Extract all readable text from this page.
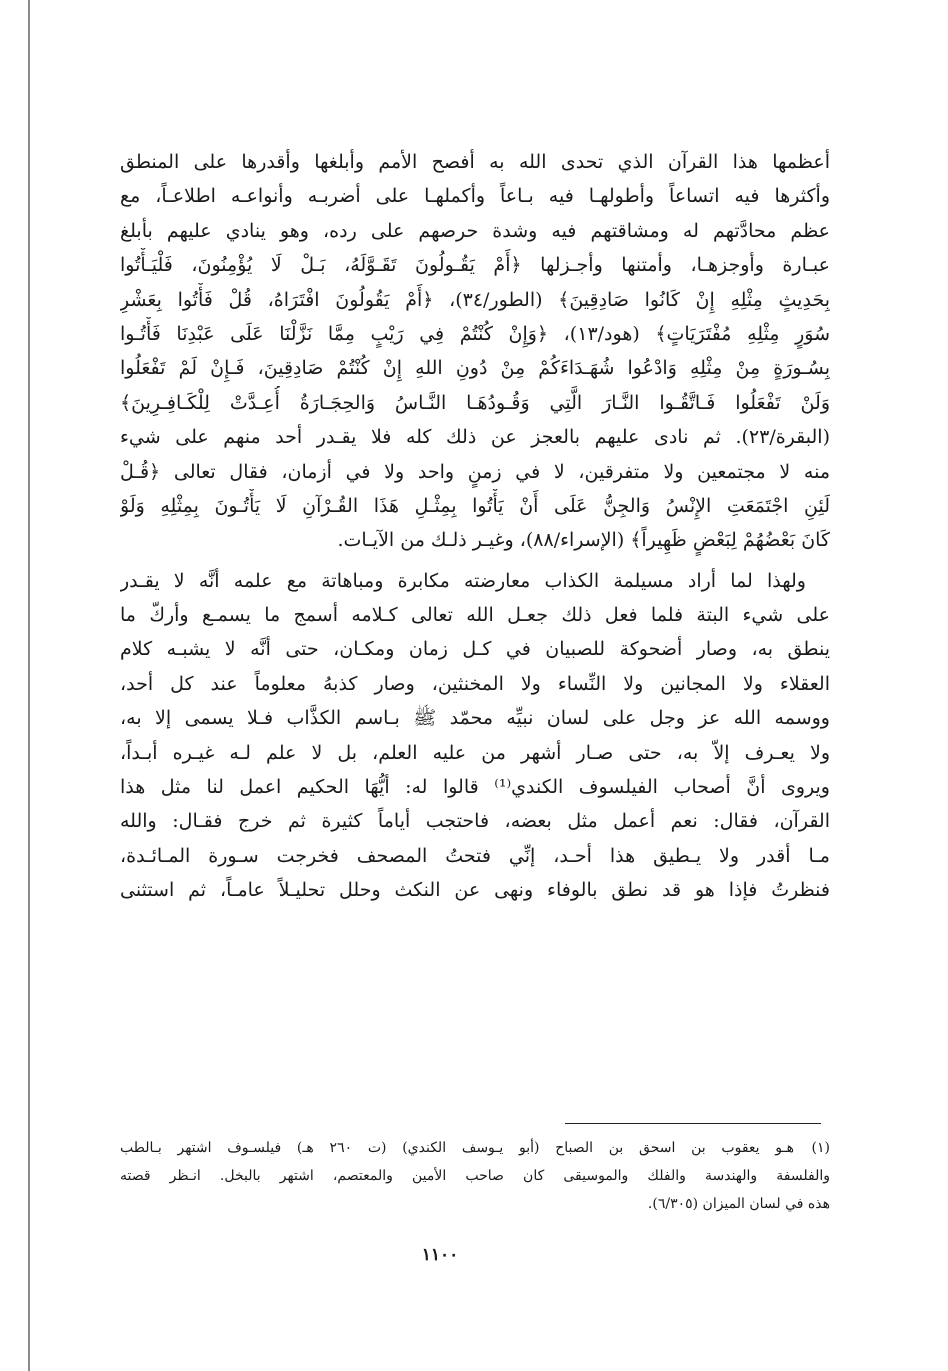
أعظمها هذا القرآن الذي تحدى الله به أفصح الأمم وأبلغها وأقدرها على المنطق
وأكثرها فيه اتساعاً وأطولهـا فيه بـاعاً وأكملهـا على أضربـه وأنواعـه اطلاعـاً، مع
عظم محادَّتهم له ومشاقتهم فيه وشدة حرصهم على رده، وهو ينادي عليهم بأبلغ
عبـارة وأوجزهـا، وأمتنها وأجـزلها ﴿أَمْ يَقُـولُونَ تَقَـوَّلَهُ، بَـلْ لَا يُؤْمِنُونَ، فَلْيَـأْتُوا
بِحَدِيثٍ مِثْلِهِ إِنْ كَانُوا صَادِقِينَ﴾ (الطور/٣٤)، ﴿أَمْ يَقُولُونَ افْتَرَاهُ، قُلْ فَأْتُوا بِعَشْرِ
سُوَرٍ مِثْلِهِ مُفْتَرَيَاتٍ﴾ (هود/١٣)، ﴿وَإِنْ كُنْتُمْ فِي رَيْبٍ مِمَّا نَزَّلْنَا عَلَى عَبْدِنَا فَأْتُـوا
بِسُـورَةٍ مِنْ مِثْلِهِ وَادْعُوا شُهَـدَاءَكُمْ مِنْ دُونِ اللهِ إِنْ كُنْتُمْ صَادِقِينَ، فَـإِنْ لَمْ تَفْعَلُوا
وَلَنْ تَفْعَلُوا فَـاتَّقُـوا النَّـارَ الَّتِي وَقُـودُهَـا النَّـاسُ وَالحِجَـارَةُ أُعِـدَّتْ لِلْكَـافِـرِينَ﴾
(البقرة/٢٣). ثم نادى عليهم بالعجز عن ذلك كله فلا يقـدر أحد منهم على شيء
منه لا مجتمعين ولا متفرقين، لا في زمنٍ واحد ولا في أزمان، فقال تعالى ﴿قُـلْ
لَئِنِ اجْتَمَعَتِ الإِنْسُ وَالجِنُّ عَلَى أَنْ يَأْتُوا بِمِثْـلِ هَذَا القُـرْآنِ لَا يَأْتُـونَ بِمِثْلِهِ وَلَوْ
كَانَ بَعْضُهُمْ لِبَعْضٍ ظَهِيراً﴾ (الإسراء/٨٨)، وغيـر ذلـك من الآيـات.
ولهذا لما أراد مسيلمة الكذاب معارضته مكابرة ومباهاتة مع علمه أنَّه لا يقـدر
على شيء البتة فلما فعل ذلك جعـل الله تعالى كـلامه أسمج ما يسمـع وأركّ ما
ينطق به، وصار أضحوكة للصبيان في كـل زمان ومكـان، حتى أنَّه لا يشبـه كلام
العقلاء ولا المجانين ولا النِّساء ولا المخنثين، وصار كذبهُ معلوماً عند كل أحد،
ووسمه الله عز وجل على لسان نبيِّه محمّد ﷺ بـاسم الكذَّاب فـلا يسمى إلا به،
ولا يعـرف إلاّ به، حتى صـار أشهر من عليه العلم، بل لا علم لـه غيـره أبـداً،
ويروى أنَّ أصحاب الفيلسوف الكندي⁽¹⁾ قالوا له: أيُّهَا الحكيم اعمل لنا مثل هذا
القرآن، فقال: نعم أعمل مثل بعضه، فاحتجب أياماً كثيرة ثم خرج فقـال: والله
مـا أقدر ولا يـطيق هذا أحـد، إنِّي فتحتُ المصحف فخرجت سـورة المـائـدة،
فنظرتُ فإذا هو قد نطق بالوفاء ونهى عن النكث وحلل تحليـلاً عامـاً، ثم استثنى
(١)هـو يعقوب بن اسحق بن الصباح (أبو يـوسف الكندي) (ت ٢٦٠ هـ) فيلسـوف اشتهر بـالطب
والفلسفة والهندسة والفلك والموسيقى كان صاحب الأمين والمعتصم، اشتهر بالبخل. انـظر قصته
هذه في لسان الميزان (٦/٣٠٥).
١١٠٠
